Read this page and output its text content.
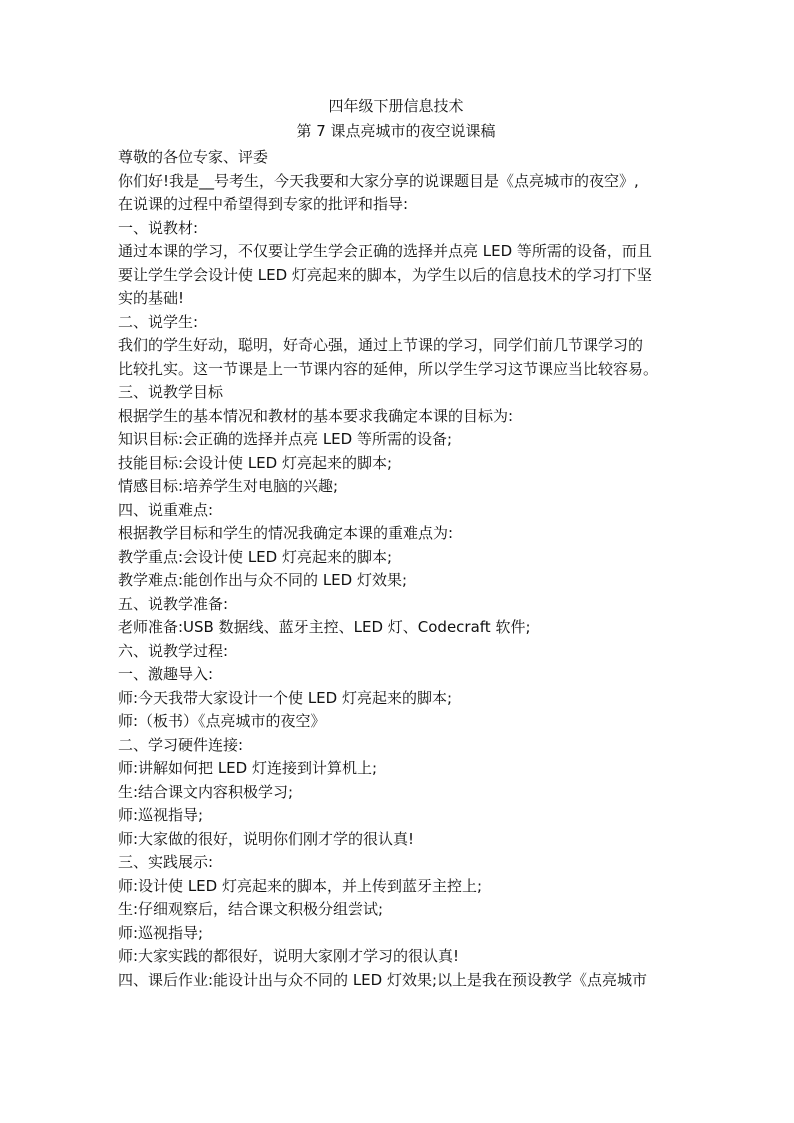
四年级下册信息技术
第 7 课点亮城市的夜空说课稿
尊敬的各位专家、评委
你们好!我是__号考生，今天我要和大家分享的说课题目是《点亮城市的夜空》,
在说课的过程中希望得到专家的批评和指导:
一、说教材:
通过本课的学习，不仅要让学生学会正确的选择并点亮 LED 等所需的设备，而且
要让学生学会设计使 LED 灯亮起来的脚本，为学生以后的信息技术的学习打下坚
实的基础!
二、说学生:
我们的学生好动，聪明，好奇心强，通过上节课的学习，同学们前几节课学习的
比较扎实。这一节课是上一节课内容的延伸，所以学生学习这节课应当比较容易。
三、说教学目标
根据学生的基本情况和教材的基本要求我确定本课的目标为:
知识目标:会正确的选择并点亮 LED 等所需的设备;
技能目标:会设计使 LED 灯亮起来的脚本;
情感目标:培养学生对电脑的兴趣;
四、说重难点:
根据教学目标和学生的情况我确定本课的重难点为:
教学重点:会设计使 LED 灯亮起来的脚本;
教学难点:能创作出与众不同的 LED 灯效果;
五、说教学准备:
老师准备:USB 数据线、蓝牙主控、LED 灯、Codecraft 软件;
六、说教学过程:
一、激趣导入:
师:今天我带大家设计一个使 LED 灯亮起来的脚本;
师:（板书）《点亮城市的夜空》
二、学习硬件连接:
师:讲解如何把 LED 灯连接到计算机上;
生:结合课文内容积极学习;
师:巡视指导;
师:大家做的很好，说明你们刚才学的很认真!
三、实践展示:
师:设计使 LED 灯亮起来的脚本，并上传到蓝牙主控上;
生:仔细观察后，结合课文积极分组尝试;
师:巡视指导;
师:大家实践的都很好，说明大家刚才学习的很认真!
四、课后作业:能设计出与众不同的 LED 灯效果;以上是我在预设教学《点亮城市
